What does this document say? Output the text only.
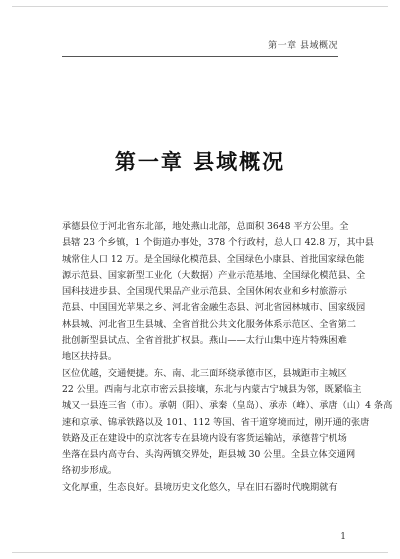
第一章 县域概况
第一章 县域概况
承德县位于河北省东北部，地处燕山北部，总面积 3648 平方公里。全
县辖 23 个乡镇，1 个街道办事处，378 个行政村，总人口 42.8 万，其中县
城常住人口 12 万。是全国绿化模范县、全国绿色小康县、首批国家绿色能
源示范县、国家新型工业化（大数据）产业示范基地、全国绿化模范县、全
国科技进步县、全国现代果品产业示范县、全国休闲农业和乡村旅游示
范县、中国国光苹果之乡、河北省金融生态县、河北省园林城市、国家级园
林县城、河北省卫生县城、全省首批公共文化服务体系示范区、全省第二
批创新型县试点、全省首批扩权县。燕山——太行山集中连片特殊困难
地区扶持县。
区位优越，交通便捷。东、南、北三面环绕承德市区，县城距市主城区
22 公里。西南与北京市密云县接壤，东北与内蒙古宁城县为邻，既紧临主
城又一县连三省（市）。承朝（阳）、承秦（皇岛）、承赤（峰）、承唐（山）4 条高
速和京承、锦承铁路以及 101、112 等国、省干道穿境而过，刚开通的张唐
铁路及正在建设中的京沈客专在县境内设有客货运输站，承德普宁机场
坐落在县内高寺台、头沟两镇交界处，距县城 30 公里。全县立体交通网
络初步形成。
文化厚重，生态良好。县境历史文化悠久，早在旧石器时代晚期就有
1
